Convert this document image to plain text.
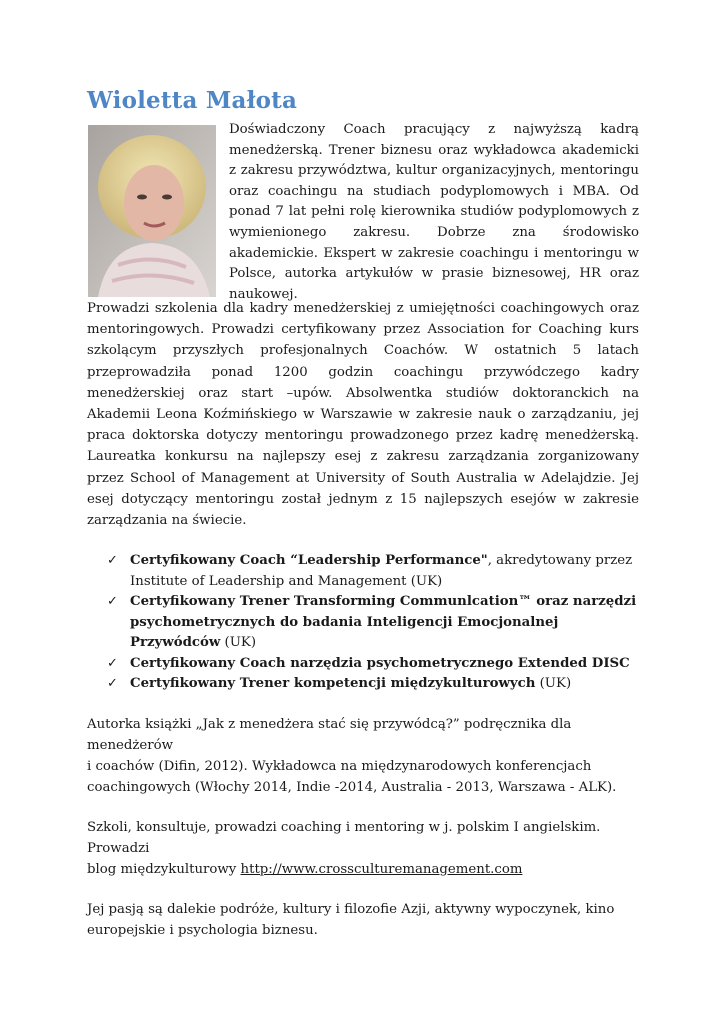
Wioletta Małota

Doświadczony Coach pracujący z najwyższą kadrą menedżerską. Trener biznesu oraz wykładowca akademicki z zakresu przywództwa, kultur organizacyjnych, mentoringu oraz coachingu na studiach podyplomowych i MBA. Od ponad 7 lat pełni rolę kierownika studiów podyplomowych z wymienionego zakresu. Dobrze zna środowisko akademickie. Ekspert w zakresie coachingu i mentoringu w Polsce, autorka artykułów w prasie biznesowej, HR oraz naukowej.

Prowadzi szkolenia dla kadry menedżerskiej z umiejętności coachingowych oraz mentoringowych. Prowadzi certyfikowany przez Association for Coaching kurs szkolącym przyszłych profesjonalnych Coachów. W ostatnich 5 latach przeprowadziła ponad 1200 godzin coachingu przywódczego kadry menedżerskiej oraz start –upów. Absolwentka studiów doktoranckich na Akademii Leona Koźmińskiego w Warszawie w zakresie nauk o zarządzaniu, jej praca doktorska dotyczy mentoringu prowadzonego przez kadrę menedżerską. Laureatka konkursu na najlepszy esej z zakresu zarządzania zorganizowany przez School of Management at University of South Australia w Adelajdzie. Jej esej dotyczący mentoringu został jednym z 15 najlepszych esejów w zakresie zarządzania na świecie.

✓ Certyfikowany Coach “Leadership Performance", akredytowany przez
Institute of Leadership and Management (UK)
✓ Certyfikowany Trener Transforming Communlcation™ oraz narzędzi
psychometrycznych do badania Inteligencji Emocjonalnej Przywódców (UK)
✓ Certyfikowany Coach narzędzia psychometrycznego Extended DISC
✓ Certyfikowany Trener kompetencji międzykulturowych (UK)

Autorka książki „Jak z menedżera stać się przywódcą?” podręcznika dla menedżerów

i coachów (Difin, 2012). Wykładowca na międzynarodowych konferencjach

coachingowych (Włochy 2014, Indie -2014, Australia - 2013, Warszawa - ALK).

Szkoli, konsultuje, prowadzi coaching i mentoring w j. polskim I angielskim. Prowadzi

blog międzykulturowy http://www.crossculturemanagement.com

Jej pasją są dalekie podróże, kultury i filozofie Azji, aktywny wypoczynek, kino

europejskie i psychologia biznesu.
